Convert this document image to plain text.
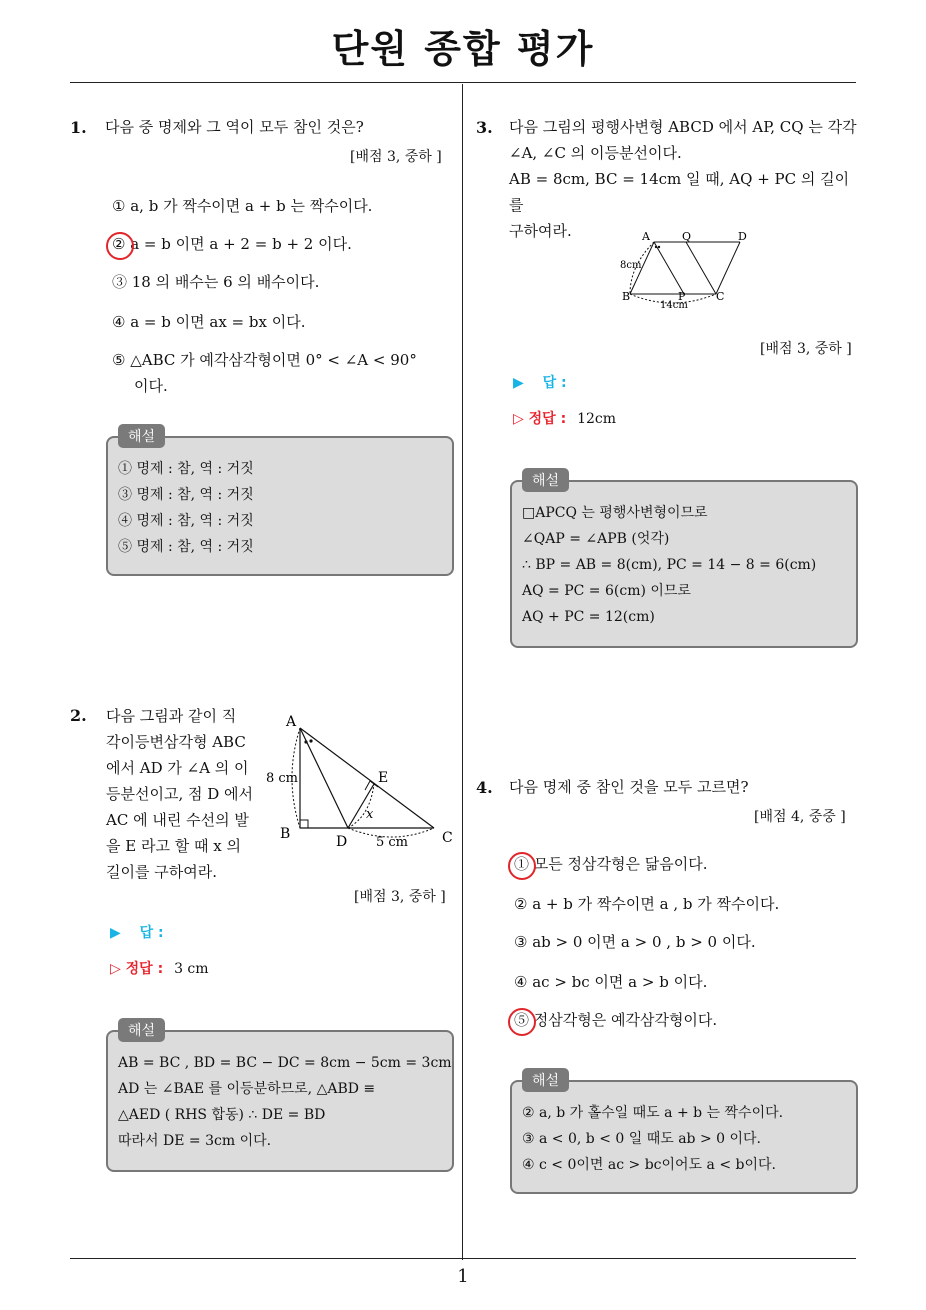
단원 종합 평가
1
1. 다음 중 명제와 그 역이 모두 참인 것은?
[배점 3, 중하 ]
① a, b 가 짝수이면 a + b 는 짝수이다.
② a = b 이면 a + 2 = b + 2 이다.
③ 18 의 배수는 6 의 배수이다.
④ a = b 이면 ax = bx 이다.
⑤ △ABC 가 예각삼각형이면 0° < ∠A < 90°
이다.
① 명제 : 참, 역 : 거짓
③ 명제 : 참, 역 : 거짓
④ 명제 : 참, 역 : 거짓
⑤ 명제 : 참, 역 : 거짓
해설
2. 다음 그림과 같이 직
각이등변삼각형 ABC
에서 AD 가 ∠A 의 이
등분선이고, 점 D 에서
AC 에 내린 수선의 발
을 E 라고 할 때 x 의
길이를 구하여라.
A
B	C
D
E
x
8 cm
5 cm
[배점 3, 중하 ]
▶ 답 :
▷ 정답 : 3 cm
AB = BC , BD = BC − DC = 8cm − 5cm = 3cm
AD 는 ∠BAE 를 이등분하므로, △ABD ≡
△AED ( RHS 합동) ∴ DE = BD
따라서 DE = 3cm 이다.
해설
3. 다음 그림의 평행사변형 ABCD 에서 AP, CQ 는 각각
∠A, ∠C 의 이등분선이다.
AB = 8cm, BC = 14cm 일 때, AQ + PC 의 길이를
구하여라.	A	Q	D
B	P	C
8cm
14cm
[배점 3, 중하 ]
▶ 답 :
▷ 정답 : 12cm
□APCQ 는 평행사변형이므로
∠QAP = ∠APB (엇각)
∴ BP = AB = 8(cm), PC = 14 − 8 = 6(cm)
AQ = PC = 6(cm) 이므로
AQ + PC = 12(cm)
해설
4. 다음 명제 중 참인 것을 모두 고르면?
[배점 4, 중중 ]
① 모든 정삼각형은 닮음이다.
② a + b 가 짝수이면 a , b 가 짝수이다.
③ ab > 0 이면 a > 0 , b > 0 이다.
④ ac > bc 이면 a > b 이다.
⑤ 정삼각형은 예각삼각형이다.
② a, b 가 홀수일 때도 a + b 는 짝수이다.
③ a < 0, b < 0 일 때도 ab > 0 이다.
④ c < 0이면 ac > bc이어도 a < b이다.
해설
